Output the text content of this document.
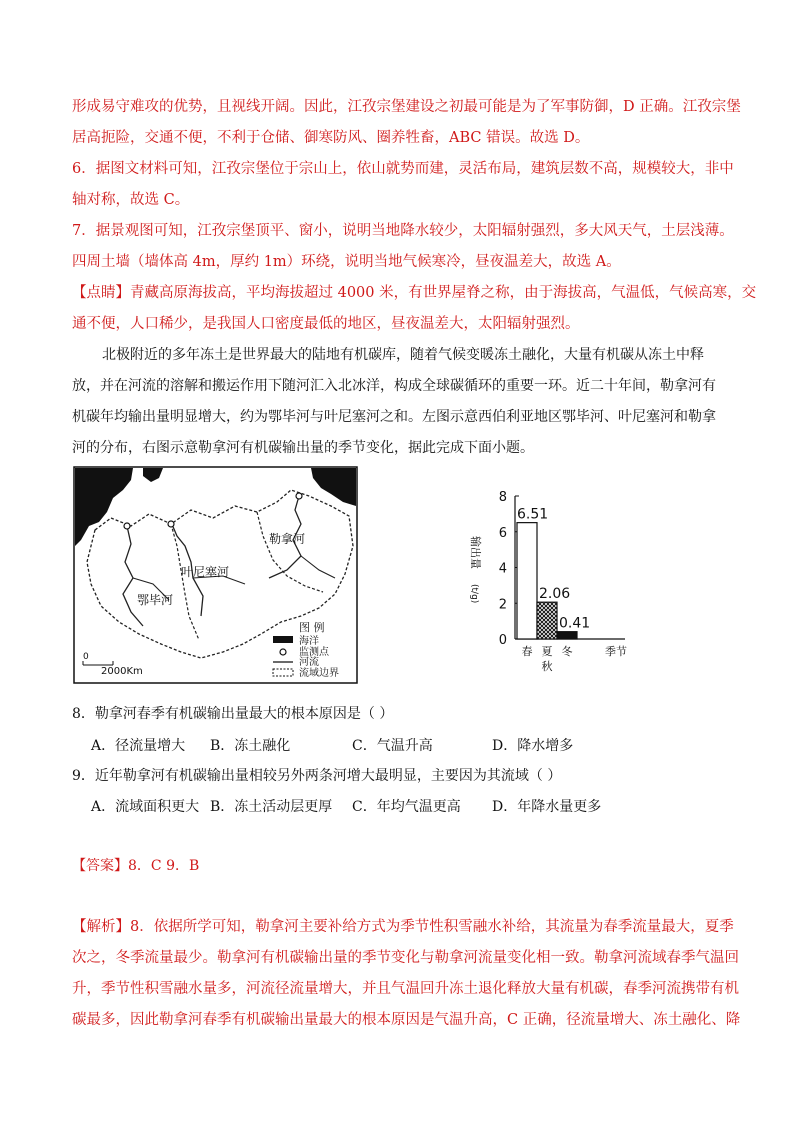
形成易守难攻的优势，且视线开阔。因此，江孜宗堡建设之初最可能是为了军事防御，D 正确。江孜宗堡
居高扼险，交通不便，不利于仓储、御寒防风、圈养牲畜，ABC 错误。故选 D。
6．据图文材料可知，江孜宗堡位于宗山上，依山就势而建，灵活布局，建筑层数不高，规模较大，非中
轴对称，故选 C。
7．据景观图可知，江孜宗堡顶平、窗小，说明当地降水较少，太阳辐射强烈，多大风天气，土层浅薄。
四周土墙（墙体高 4m，厚约 1m）环绕，说明当地气候寒冷，昼夜温差大，故选 A。
【点睛】青藏高原海拔高，平均海拔超过 4000 米，有世界屋脊之称，由于海拔高，气温低，气候高寒，交
通不便，人口稀少，是我国人口密度最低的地区，昼夜温差大，太阳辐射强烈。
北极附近的多年冻土是世界最大的陆地有机碳库，随着气候变暖冻土融化，大量有机碳从冻土中释
放，并在河流的溶解和搬运作用下随河汇入北冰洋，构成全球碳循环的重要一环。近二十年间，勒拿河有
机碳年均输出量明显增大，约为鄂毕河与叶尼塞河之和。左图示意西伯利亚地区鄂毕河、叶尼塞河和勒拿
河的分布，右图示意勒拿河有机碳输出量的季节变化，据此完成下面小题。
勒拿河
叶尼塞河
鄂毕河
0
2000Km
图 例
海洋
监测点
河流
流域边界
0
2
4
6
8
输出量
(t/g)
6.51
春
2.06
夏
0.41
冬
秋
季节
8．勒拿河春季有机碳输出量最大的根本原因是（ ）
A．径流量增大 B．冻土融化	C．气温升高	D．降水增多
9．近年勒拿河有机碳输出量相较另外两条河增大最明显，主要因为其流域（ ）
A．流域面积更大 B．冻土活动层更厚 C．年均气温更高 D．年降水量更多
【答案】8．C 9．B
【解析】8．依据所学可知，勒拿河主要补给方式为季节性积雪融水补给，其流量为春季流量最大，夏季
次之，冬季流量最少。勒拿河有机碳输出量的季节变化与勒拿河流量变化相一致。勒拿河流域春季气温回
升，季节性积雪融水量多，河流径流量增大，并且气温回升冻土退化释放大量有机碳，春季河流携带有机
碳最多，因此勒拿河春季有机碳输出量最大的根本原因是气温升高，C 正确，径流量增大、冻土融化、降
